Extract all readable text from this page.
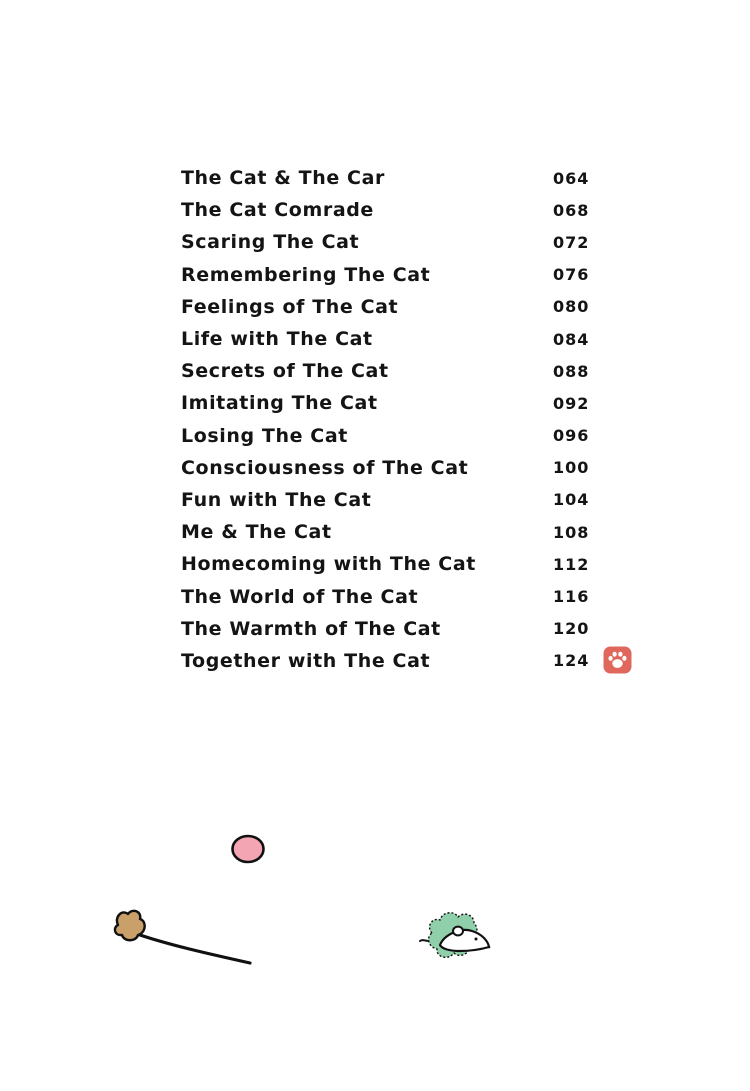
The Cat & The Car	064
The Cat Comrade	068
Scaring The Cat	072
Remembering The Cat	076
Feelings of The Cat	080
Life with The Cat	084
Secrets of The Cat	088
Imitating The Cat	092
Losing The Cat	096
Consciousness of The Cat	100
Fun with The Cat	104
Me & The Cat	108
Homecoming with The Cat	112
The World of The Cat	116
The Warmth of The Cat	120
Together with The Cat	124
